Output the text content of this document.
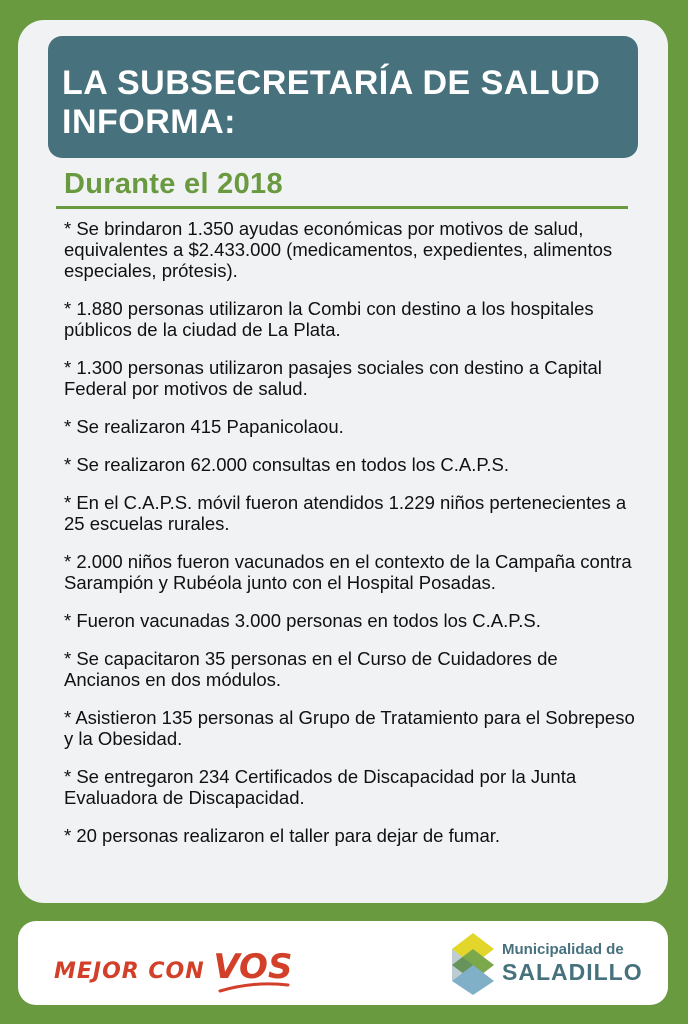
LA SUBSECRETARÍA DE SALUD
INFORMA:

Durante el 2018

* Se brindaron 1.350 ayudas económicas por motivos de salud, equivalentes a $2.433.000 (medicamentos, expedientes, alimentos especiales, prótesis).
* 1.880 personas utilizaron la Combi con destino a los hospitales públicos de la ciudad de La Plata.
* 1.300 personas utilizaron pasajes sociales con destino a Capital Federal por motivos de salud.
* Se realizaron 415 Papanicolaou.
* Se realizaron 62.000 consultas en todos los C.A.P.S.
* En el C.A.P.S. móvil fueron atendidos 1.229 niños pertenecientes a 25 escuelas rurales.
* 2.000 niños fueron vacunados en el contexto de la Campaña contra Sarampión y Rubéola junto con el Hospital Posadas.
* Fueron vacunadas 3.000 personas en todos los C.A.P.S.
* Se capacitaron 35 personas en el Curso de Cuidadores de Ancianos en dos módulos.
* Asistieron 135 personas al Grupo de Tratamiento para el Sobrepeso y la Obesidad.
* Se entregaron 234 Certificados de Discapacidad por la Junta Evaluadora de Discapacidad.
* 20 personas realizaron el taller para dejar de fumar.
MEJOR CON VOS	Municipalidad de
SALADILLO
